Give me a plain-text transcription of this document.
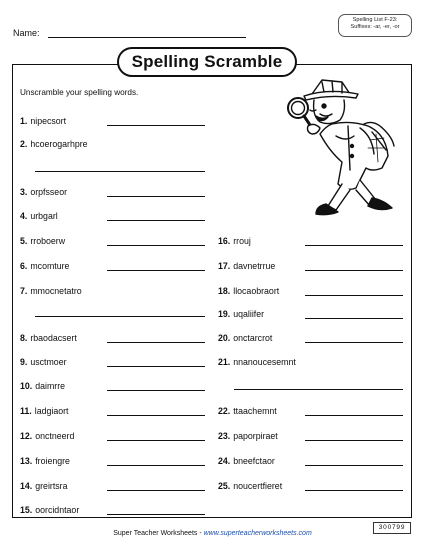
Name:
Spelling List F-23:
Suffixes: -ar, -er, -or
Spelling Scramble
Unscramble your spelling words.
1. nipecsort
2. hcoerogarhpre
3. orpfsseor
4. urbgarl
5. rroboerw
6. mcomture
7. mmocnetatro
8. rbaodacsert
9. usctmoer
10. daimrre
11. ladgiaort
12. onctneerd
13. froiengre
14. greirtsra
15. oorcidntaor
16. rrouj
17. davnetrrue
18. llocaobraort
19. uqaliifer
20. onctarcrot
21. nnanoucesemnt
22. ttaachemnt
23. paporpiraet
24. bneefctaor
25. noucertfieret
300799
Super Teacher Worksheets - www.superteacherworksheets.com
